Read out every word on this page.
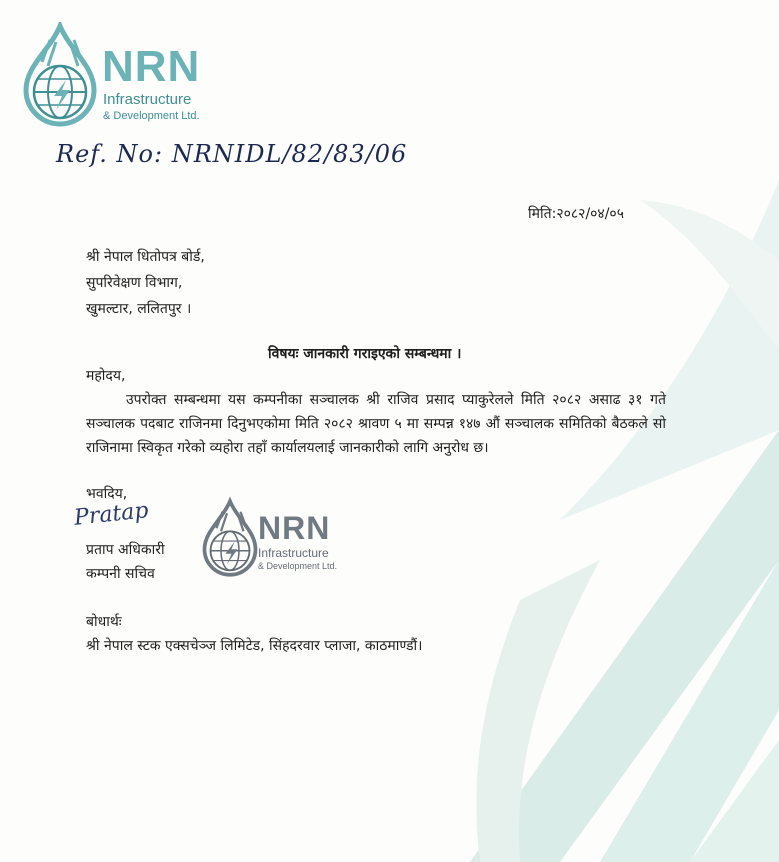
NRN
Infrastructure
& Development Ltd.
Ref. No: NRNIDL/82/83/06
मिति:२०८२/०४/०५
श्री नेपाल धितोपत्र बोर्ड,
सुपरिवेक्षण विभाग,
खुमल्टार, ललितपुर ।
विषयः जानकारी गराइएको सम्बन्धमा ।
महोदय,
उपरोक्त सम्बन्धमा यस कम्पनीका सञ्चालक श्री राजिव प्रसाद प्याकुरेलले मिति २०८२ असाढ ३१ गते सञ्चालक पदबाट राजिनमा दिनुभएकोमा मिति २०८२ श्रावण ५ मा सम्पन्न १४७ औं सञ्चालक समितिको बैठकले सो राजिनामा स्विकृत गरेको व्यहोरा तहाँ कार्यालयलाई जानकारीको लागि अनुरोध छ।
भवदिय,
Pratap
प्रताप अधिकारी
कम्पनी सचिव
NRN
Infrastructure
& Development Ltd.
बोधार्थः
श्री नेपाल स्टक एक्सचेञ्ज लिमिटेड, सिंहदरवार प्लाजा, काठमाण्डौं।
